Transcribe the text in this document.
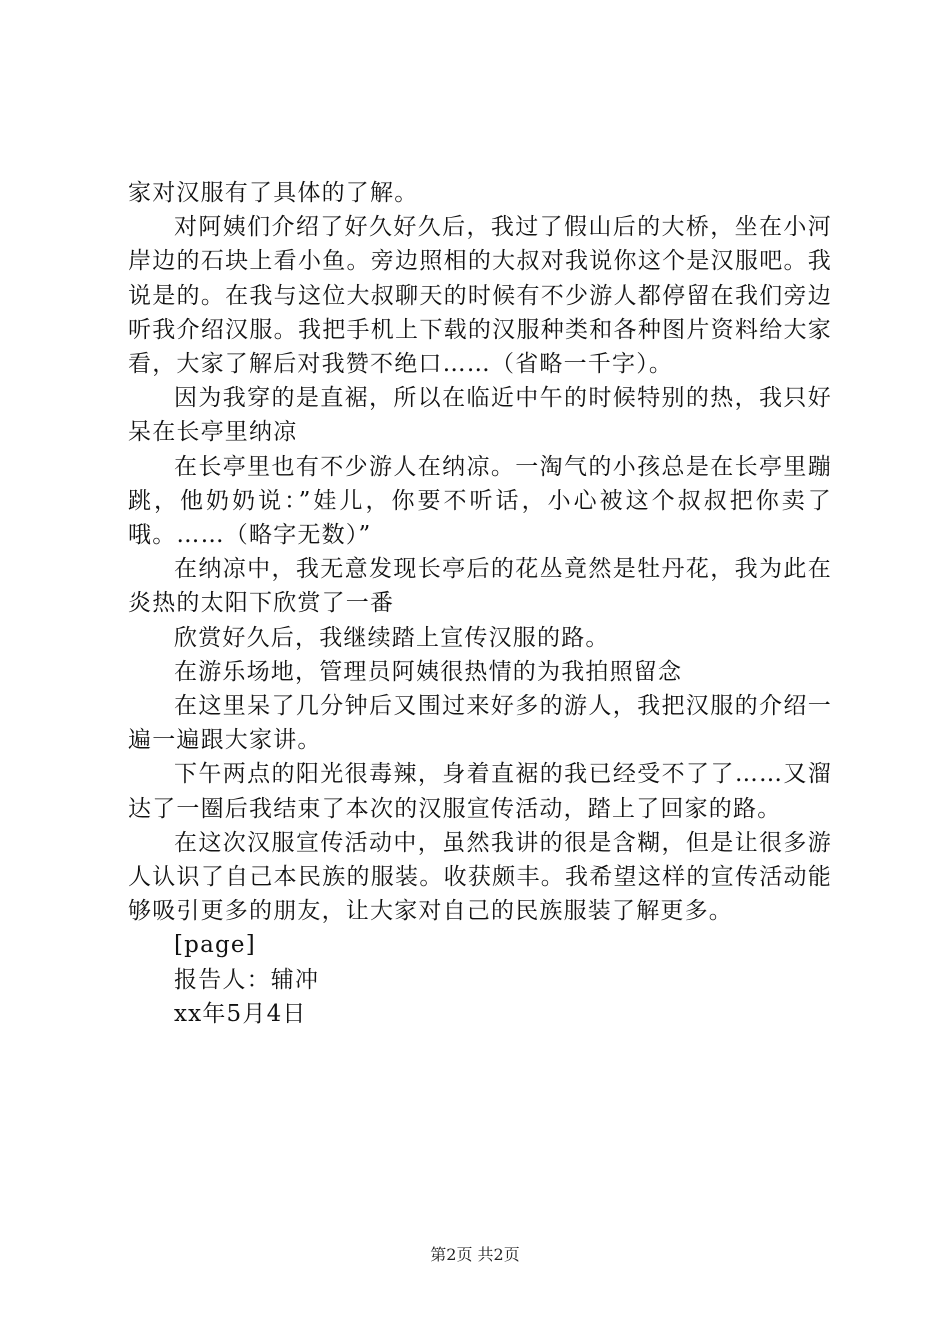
家对汉服有了具体的了解。

对阿姨们介绍了好久好久后，我过了假山后的大桥，坐在小河岸边的石块上看小鱼。旁边照相的大叔对我说你这个是汉服吧。我说是的。在我与这位大叔聊天的时候有不少游人都停留在我们旁边听我介绍汉服。我把手机上下载的汉服种类和各种图片资料给大家看，大家了解后对我赞不绝口……（省略一千字）。

因为我穿的是直裾，所以在临近中午的时候特别的热，我只好呆在长亭里纳凉

在长亭里也有不少游人在纳凉。一淘气的小孩总是在长亭里蹦跳，他奶奶说：”娃儿，你要不听话，小心被这个叔叔把你卖了哦。……（略字无数）”

在纳凉中，我无意发现长亭后的花丛竟然是牡丹花，我为此在炎热的太阳下欣赏了一番

欣赏好久后，我继续踏上宣传汉服的路。

在游乐场地，管理员阿姨很热情的为我拍照留念

在这里呆了几分钟后又围过来好多的游人，我把汉服的介绍一遍一遍跟大家讲。

下午两点的阳光很毒辣，身着直裾的我已经受不了了……又溜达了一圈后我结束了本次的汉服宣传活动，踏上了回家的路。

在这次汉服宣传活动中，虽然我讲的很是含糊，但是让很多游人认识了自己本民族的服装。收获颇丰。我希望这样的宣传活动能够吸引更多的朋友，让大家对自己的民族服装了解更多。

[page]

报告人：辅冲

xx年5月4日

第2页 共2页
